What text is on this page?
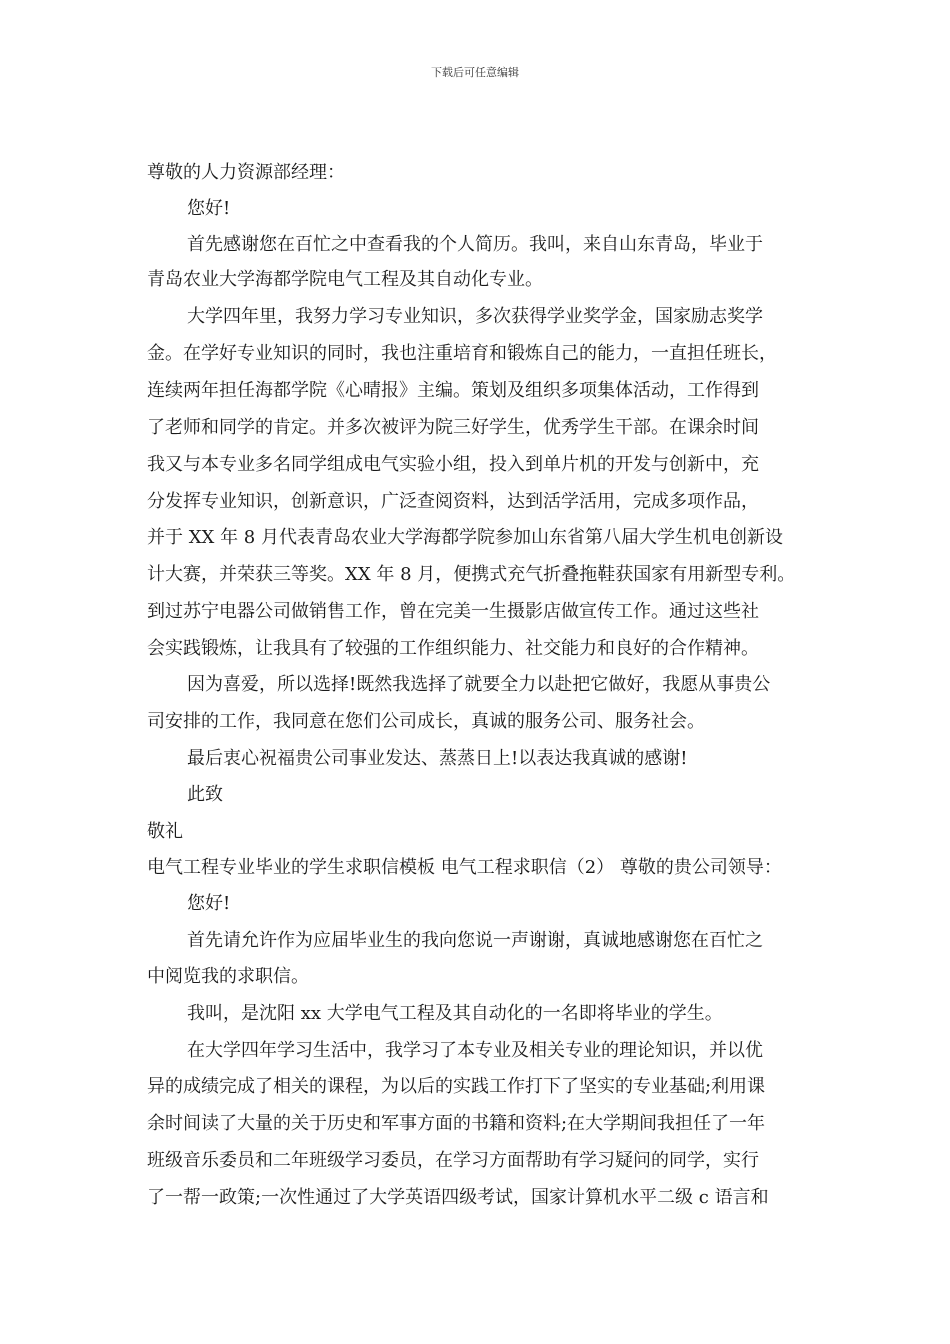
下载后可任意编辑
尊敬的人力资源部经理：
您好!
首先感谢您在百忙之中查看我的个人简历。我叫，来自山东青岛，毕业于
青岛农业大学海都学院电气工程及其自动化专业。
大学四年里，我努力学习专业知识，多次获得学业奖学金，国家励志奖学
金。在学好专业知识的同时，我也注重培育和锻炼自己的能力，一直担任班长，
连续两年担任海都学院《心晴报》主编。策划及组织多项集体活动，工作得到
了老师和同学的肯定。并多次被评为院三好学生，优秀学生干部。在课余时间
我又与本专业多名同学组成电气实验小组，投入到单片机的开发与创新中，充
分发挥专业知识，创新意识，广泛查阅资料，达到活学活用，完成多项作品，
并于 XX 年 8 月代表青岛农业大学海都学院参加山东省第八届大学生机电创新设
计大赛，并荣获三等奖。XX 年 8 月，便携式充气折叠拖鞋获国家有用新型专利。
到过苏宁电器公司做销售工作，曾在完美一生摄影店做宣传工作。通过这些社
会实践锻炼，让我具有了较强的工作组织能力、社交能力和良好的合作精神。
因为喜爱，所以选择!既然我选择了就要全力以赴把它做好，我愿从事贵公
司安排的工作，我同意在您们公司成长，真诚的服务公司、服务社会。
最后衷心祝福贵公司事业发达、蒸蒸日上!以表达我真诚的感谢!
此致
敬礼
电气工程专业毕业的学生求职信模板 电气工程求职信（2） 尊敬的贵公司领导：
您好!
首先请允许作为应届毕业生的我向您说一声谢谢，真诚地感谢您在百忙之
中阅览我的求职信。
我叫，是沈阳 xx 大学电气工程及其自动化的一名即将毕业的学生。
在大学四年学习生活中，我学习了本专业及相关专业的理论知识，并以优
异的成绩完成了相关的课程，为以后的实践工作打下了坚实的专业基础;利用课
余时间读了大量的关于历史和军事方面的书籍和资料;在大学期间我担任了一年
班级音乐委员和二年班级学习委员，在学习方面帮助有学习疑问的同学，实行
了一帮一政策;一次性通过了大学英语四级考试，国家计算机水平二级 c 语言和
